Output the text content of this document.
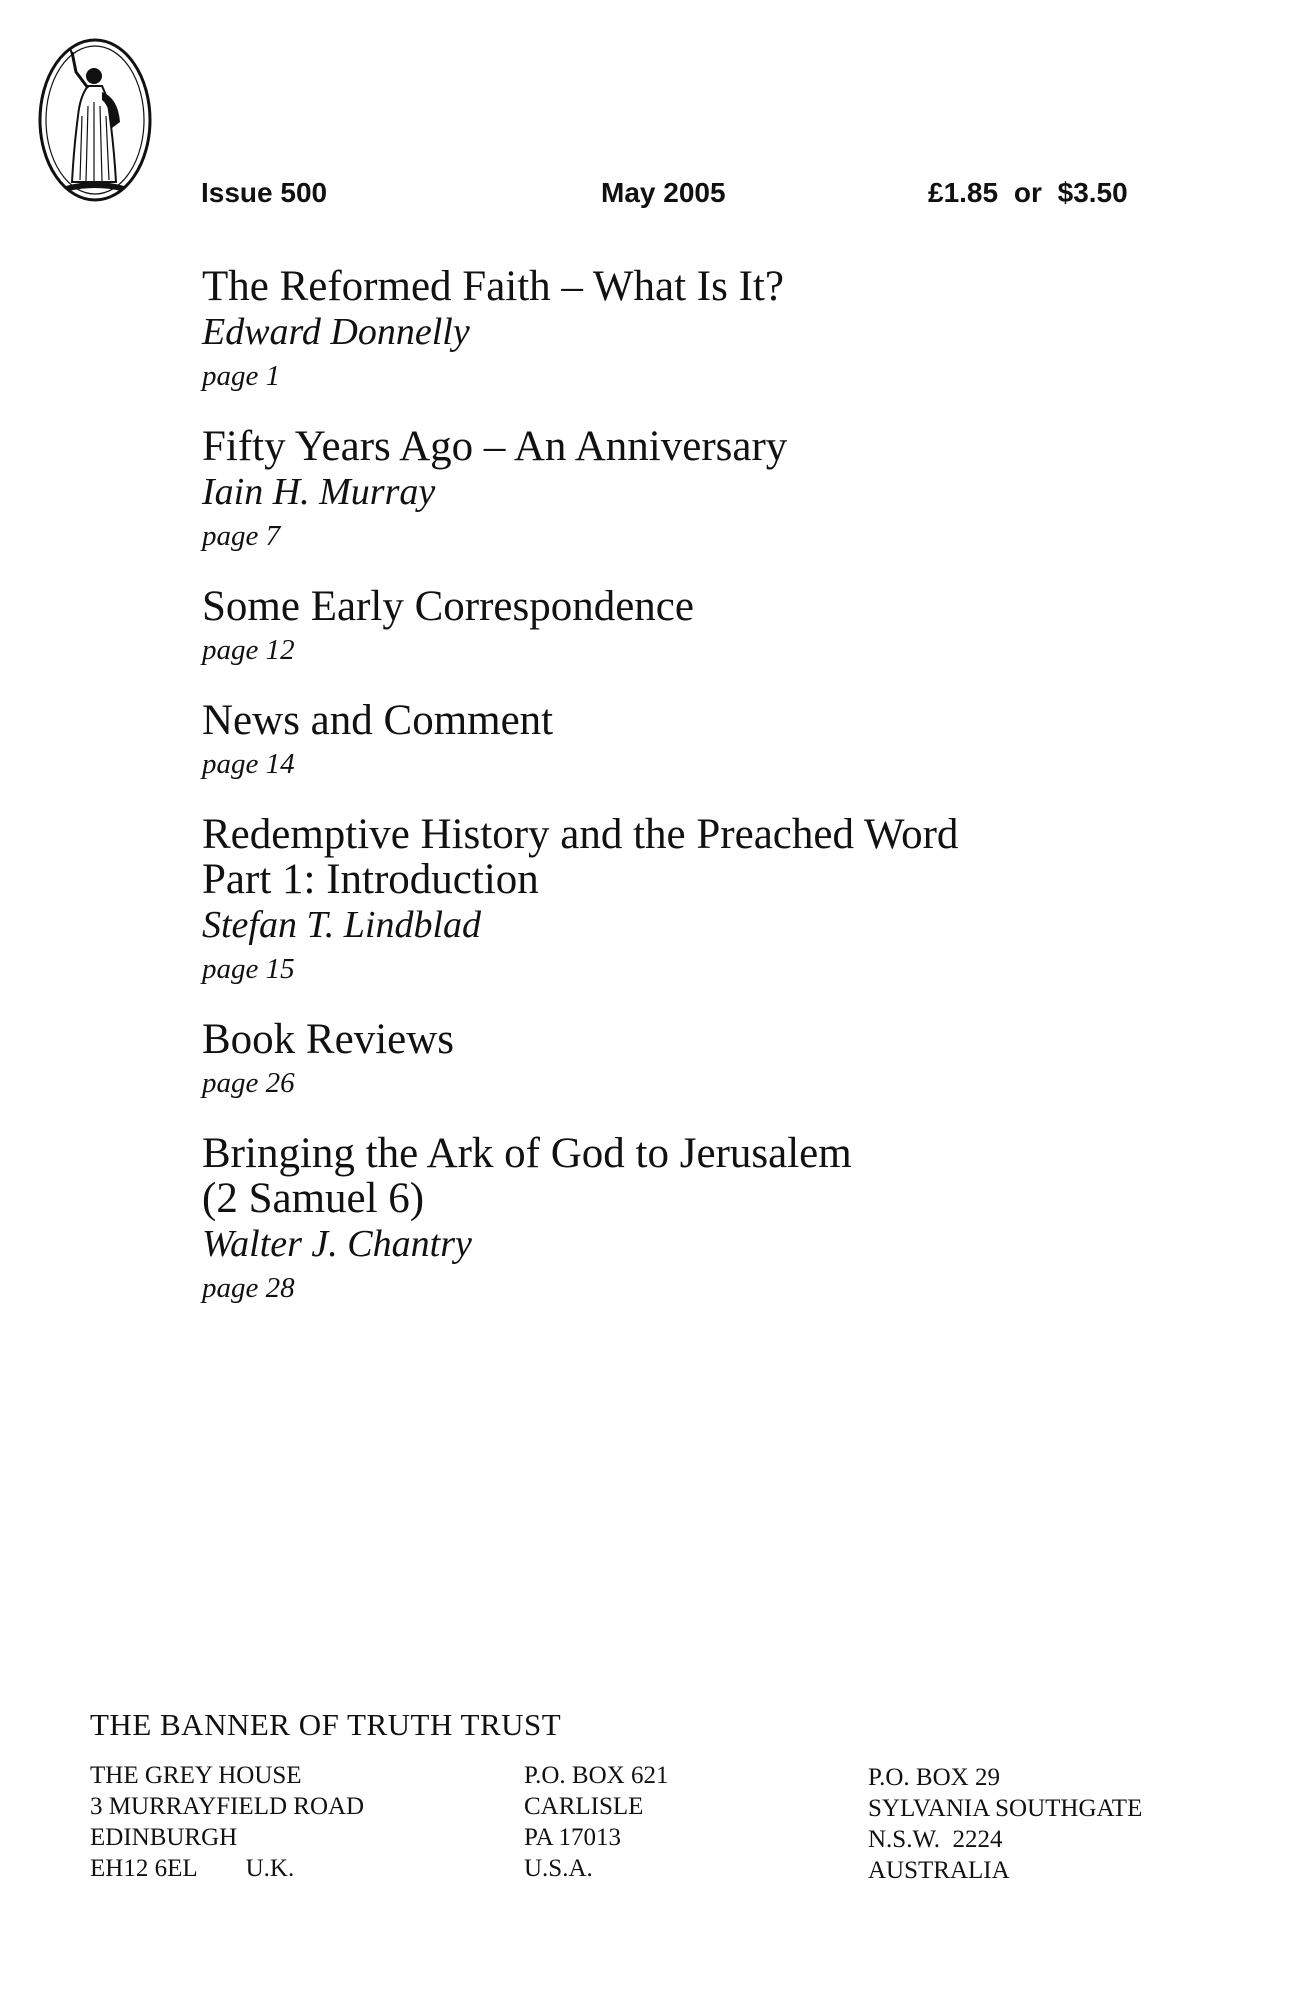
Issue 500	May 2005	£1.85 or $3.50
The Reformed Faith – What Is It?
Edward Donnelly
page 1
Fifty Years Ago – An Anniversary
Iain H. Murray
page 7
Some Early Correspondence
page 12
News and Comment
page 14
Redemptive History and the Preached Word
Part 1: Introduction
Stefan T. Lindblad
page 15
Book Reviews
page 26
Bringing the Ark of God to Jerusalem
(2 Samuel 6)
Walter J. Chantry
page 28
THE BANNER OF TRUTH TRUST
THE GREY HOUSE
3 MURRAYFIELD ROAD
EDINBURGH
EH12 6EL U.K.
P.O. BOX 621
CARLISLE
PA 17013
U.S.A.
P.O. BOX 29
SYLVANIA SOUTHGATE
N.S.W.  2224
AUSTRALIA
